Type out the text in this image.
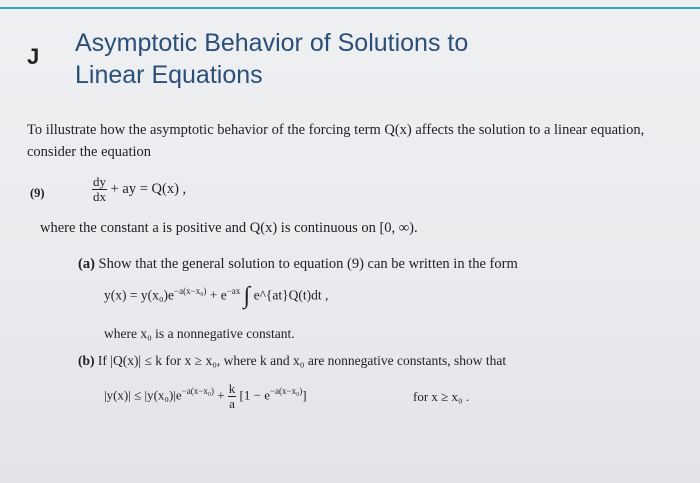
J Asymptotic Behavior of Solutions to
Linear Equations
To illustrate how the asymptotic behavior of the forcing term Q(x) affects the solution to a linear equation, consider the equation
(9)	$\frac{dy}{dx}$ + ay = Q(x) ,
where the constant a is positive and Q(x) is continuous on [0, ∞).
(a) Show that the general solution to equation (9) can be written in the form
$y(x) = y(x_0)e^{-a(x-x_0)} + e^{-ax}$ ∫ e^{at}Q(t)dt ,
where x₀ is a nonnegative constant.
(b) If |Q(x)| ≤ k for x ≥ x₀, where k and x₀ are nonnegative constants, show that
$|y(x)| \le |y(x_0)|e^{-a(x-x_0)} + \frac{k}{a} [1 - e^{-a(x-x_0)}]$	for x ≥ x₀ .
